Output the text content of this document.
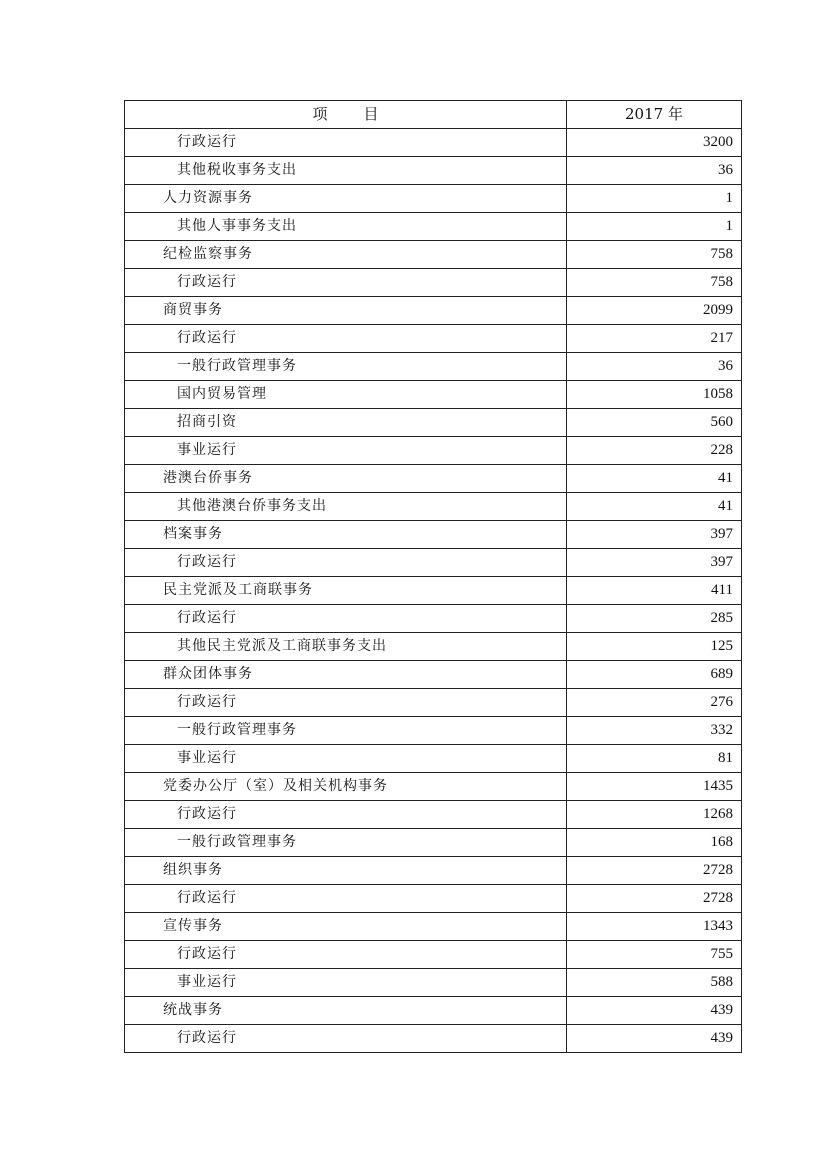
项 目	2017 年
行政运行	3200
其他税收事务支出	36
人力资源事务	1
其他人事事务支出	1
纪检监察事务	758
行政运行	758
商贸事务	2099
行政运行	217
一般行政管理事务	36
国内贸易管理	1058
招商引资	560
事业运行	228
港澳台侨事务	41
其他港澳台侨事务支出	41
档案事务	397
行政运行	397
民主党派及工商联事务	411
行政运行	285
其他民主党派及工商联事务支出	125
群众团体事务	689
行政运行	276
一般行政管理事务	332
事业运行	81
党委办公厅（室）及相关机构事务	1435
行政运行	1268
一般行政管理事务	168
组织事务	2728
行政运行	2728
宣传事务	1343
行政运行	755
事业运行	588
统战事务	439
行政运行	439
